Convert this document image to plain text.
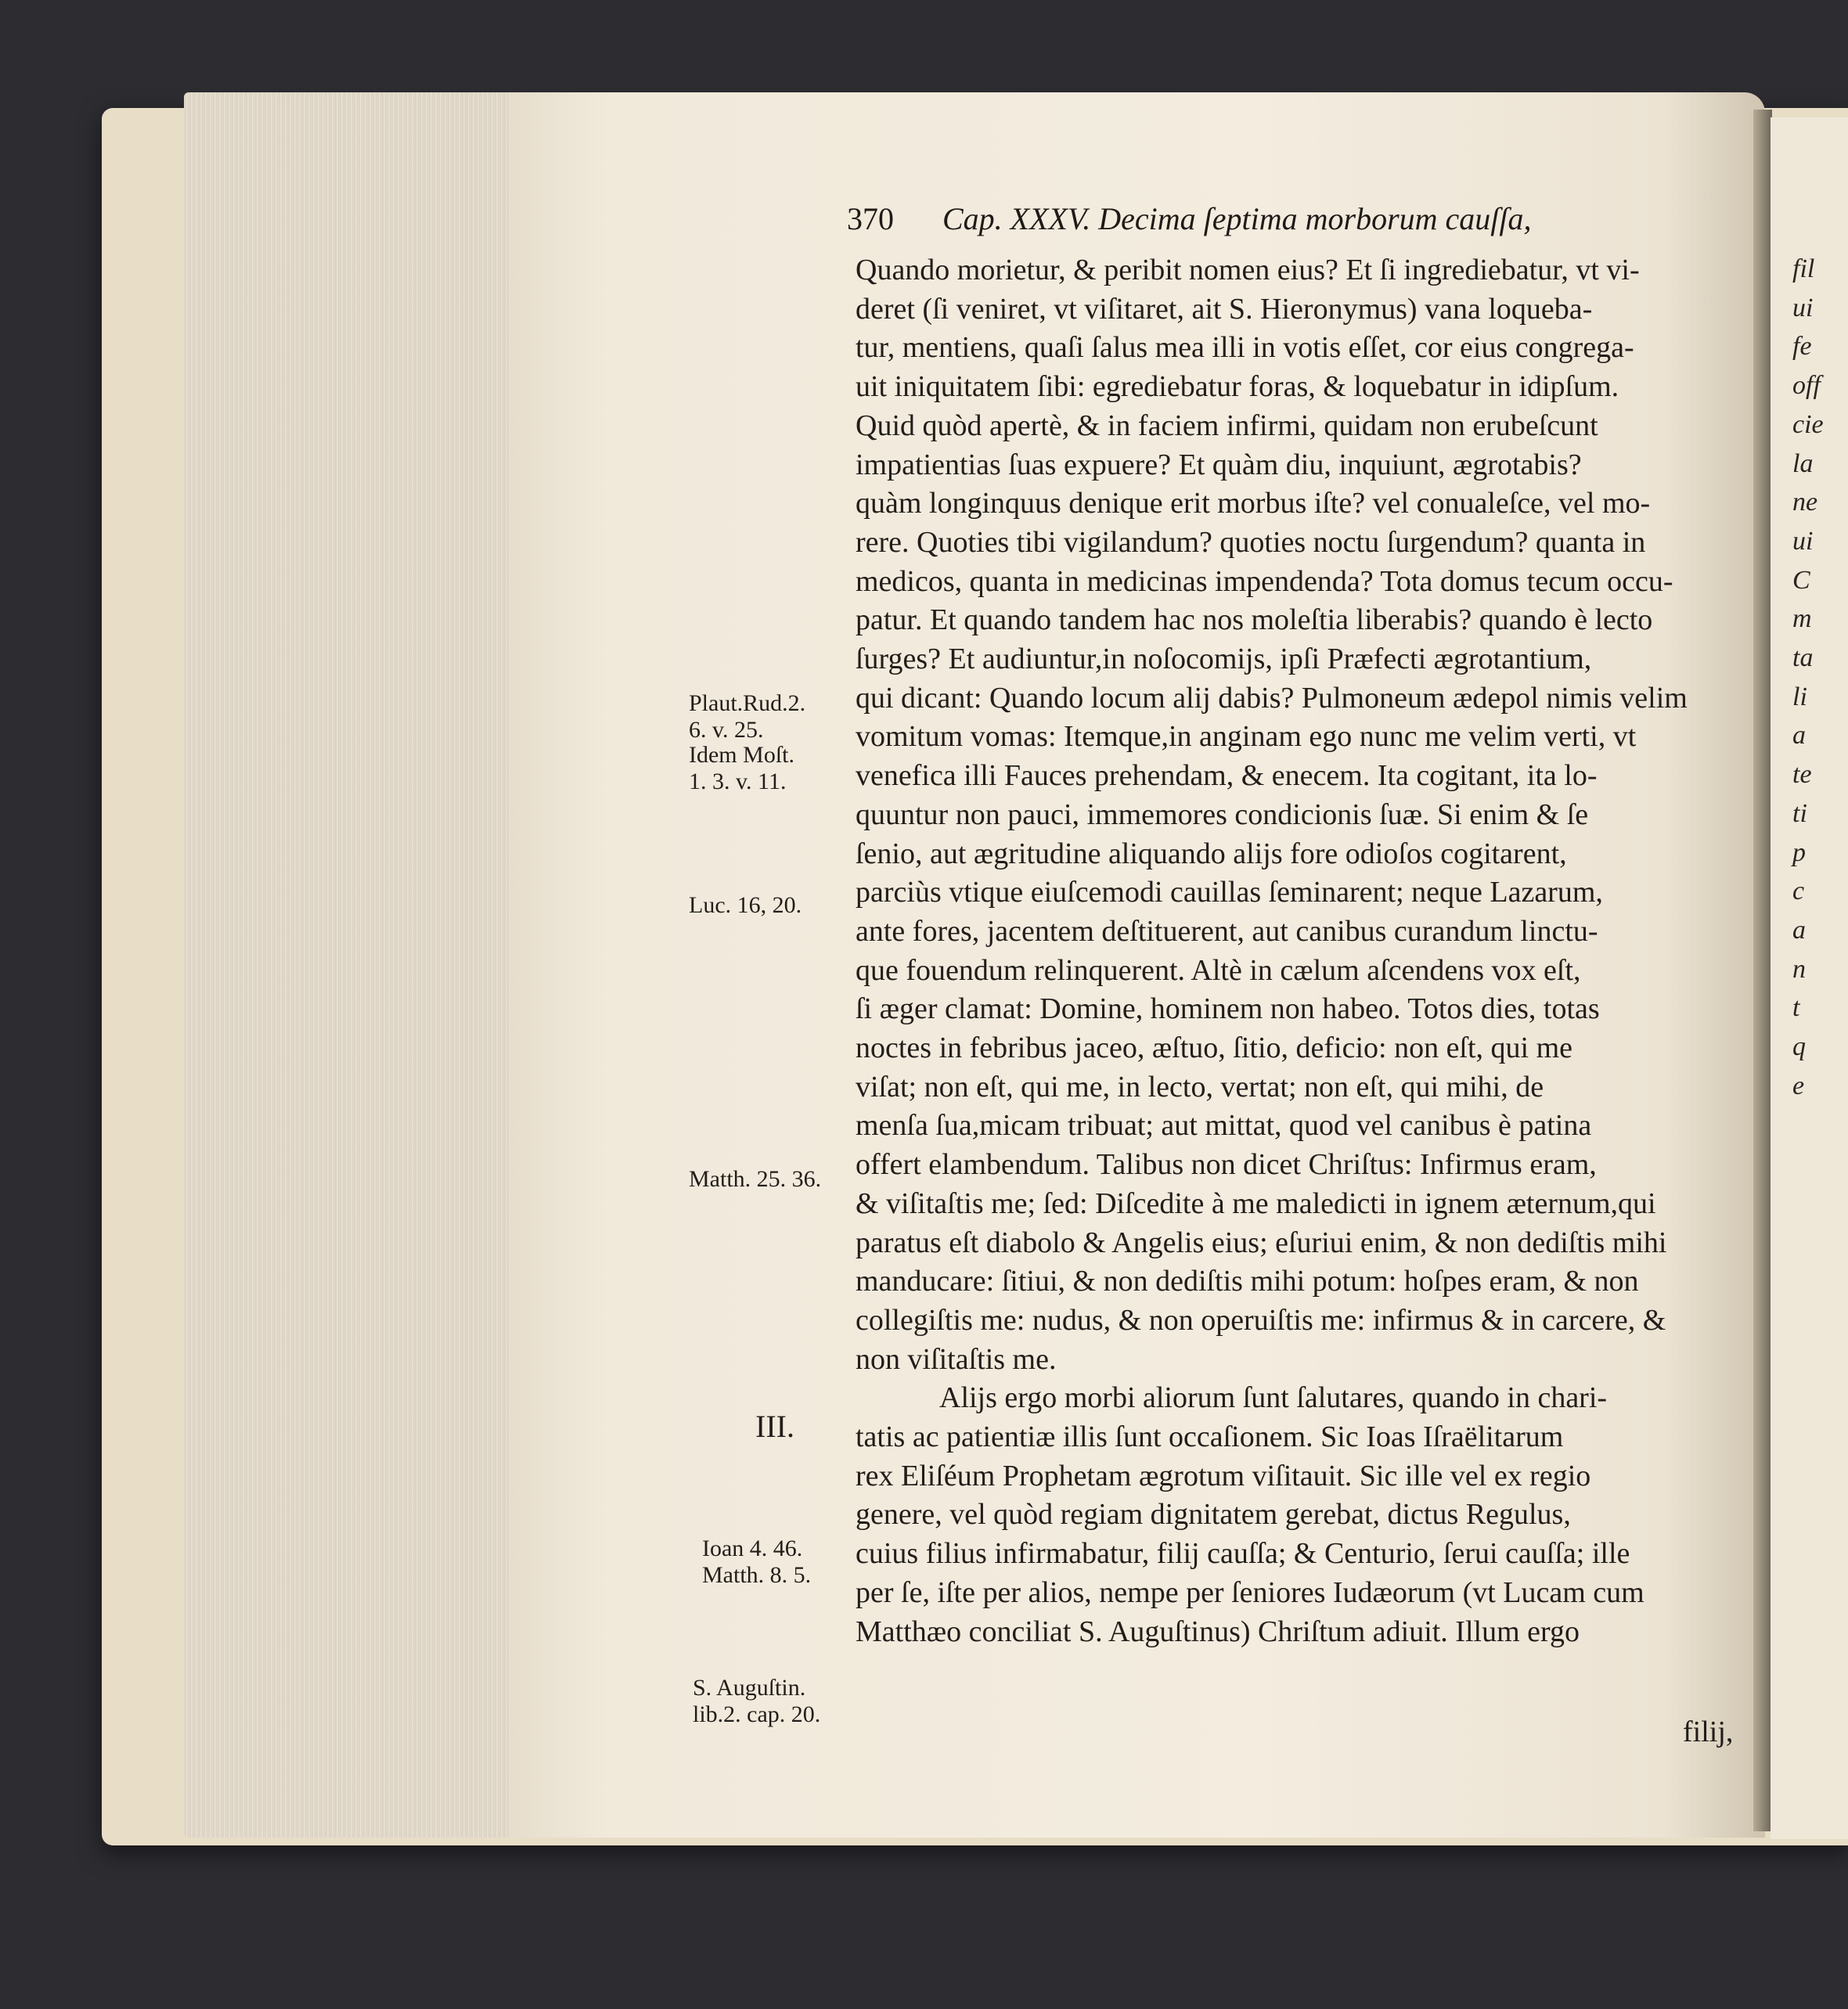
fil
ui
fe
off
cie
la
ne
ui
C
m
ta
li
a
te
ti
p
c
a
n
t
q
e
370 Cap. XXXV. Decima ſeptima morborum cauſſa,
Quando morietur, & peribit nomen eius? Et ſi ingrediebatur, vt vi-
deret (ſi veniret, vt viſitaret, ait S. Hieronymus) vana loqueba-
tur, mentiens, quaſi ſalus mea illi in votis eſſet, cor eius congrega-
uit iniquitatem ſibi: egrediebatur foras, & loquebatur in idipſum.
Quid quòd apertè, & in faciem infirmi, quidam non erubeſcunt
impatientias ſuas expuere? Et quàm diu, inquiunt, ægrotabis?
quàm longinquus denique erit morbus iſte? vel conualeſce, vel mo-
rere. Quoties tibi vigilandum? quoties noctu ſurgendum? quanta in
medicos, quanta in medicinas impendenda? Tota domus tecum occu-
patur. Et quando tandem hac nos moleſtia liberabis? quando è lecto
ſurges? Et audiuntur,in noſocomijs, ipſi Præfecti ægrotantium,
qui dicant: Quando locum alij dabis? Pulmoneum ædepol nimis velim
vomitum vomas: Itemque,in anginam ego nunc me velim verti, vt
venefica illi Fauces prehendam, & enecem. Ita cogitant, ita lo-
quuntur non pauci, immemores condicionis ſuæ. Si enim & ſe
ſenio, aut ægritudine aliquando alijs fore odioſos cogitarent,
parciùs vtique eiuſcemodi cauillas ſeminarent; neque Lazarum,
ante fores, jacentem deſtituerent, aut canibus curandum linctu-
que fouendum relinquerent. Altè in cælum aſcendens vox eſt,
ſi æger clamat: Domine, hominem non habeo. Totos dies, totas
noctes in febribus jaceo, æſtuo, ſitio, deficio: non eſt, qui me
viſat; non eſt, qui me, in lecto, vertat; non eſt, qui mihi, de
menſa ſua,micam tribuat; aut mittat, quod vel canibus è patina
offert elambendum. Talibus non dicet Chriſtus: Infirmus eram,
& viſitaſtis me; ſed: Diſcedite à me maledicti in ignem æternum,qui
paratus eſt diabolo & Angelis eius; eſuriui enim, & non dediſtis mihi
manducare: ſitiui, & non dediſtis mihi potum: hoſpes eram, & non
collegiſtis me: nudus, & non operuiſtis me: infirmus & in carcere, &
non viſitaſtis me.
Alijs ergo morbi aliorum ſunt ſalutares, quando in chari-
tatis ac patientiæ illis ſunt occaſionem. Sic Ioas Iſraëlitarum
rex Eliſéum Prophetam ægrotum viſitauit. Sic ille vel ex regio
genere, vel quòd regiam dignitatem gerebat, dictus Regulus,
cuius filius infirmabatur, filij cauſſa; & Centurio, ſerui cauſſa; ille
per ſe, iſte per alios, nempe per ſeniores Iudæorum (vt Lucam cum
Matthæo conciliat S. Auguſtinus) Chriſtum adiuit. Illum ergo
III.
Plaut.Rud.2.
6. v. 25.
Idem Moſt.
1. 3. v. 11.
Luc. 16, 20.
Matth. 25. 36.
Ioan 4. 46.
Matth. 8. 5.
S. Auguſtin.
lib.2. cap. 20.
filij,
